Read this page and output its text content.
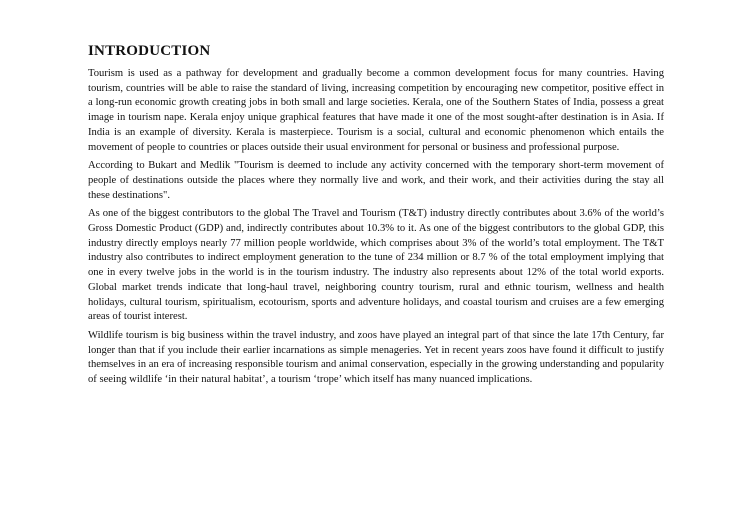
INTRODUCTION

Tourism is used as a pathway for development and gradually become a common development focus for many countries. Having tourism, countries will be able to raise the standard of living, increasing competition by encouraging new competitor, positive effect in a long-run economic growth creating jobs in both small and large societies. Kerala, one of the Southern States of India, possess a great image in tourism nape. Kerala enjoy unique graphical features that have made it one of the most sought-after destination is in Asia. If India is an example of diversity. Kerala is masterpiece. Tourism is a social, cultural and economic phenomenon which entails the movement of people to countries or places outside their usual environment for personal or business and professional purpose.

According to Bukart and Medlik "Tourism is deemed to include any activity concerned with the temporary short-term movement of people of destinations outside the places where they normally live and work, and their work, and their activities during the stay all these destinations".

As one of the biggest contributors to the global The Travel and Tourism (T&T) industry directly contributes about 3.6% of the world’s Gross Domestic Product (GDP) and, indirectly contributes about 10.3% to it. As one of the biggest contributors to the global GDP, this industry directly employs nearly 77 million people worldwide, which comprises about 3% of the world’s total employment. The T&T industry also contributes to indirect employment generation to the tune of 234 million or 8.7 % of the total employment implying that one in every twelve jobs in the world is in the tourism industry. The industry also represents about 12% of the total world exports. Global market trends indicate that long-haul travel, neighboring country tourism, rural and ethnic tourism, wellness and health holidays, cultural tourism, spiritualism, ecotourism, sports and adventure holidays, and coastal tourism and cruises are a few emerging areas of tourist interest.

Wildlife tourism is big business within the travel industry, and zoos have played an integral part of that since the late 17th Century, far longer than that if you include their earlier incarnations as simple menageries. Yet in recent years zoos have found it difficult to justify themselves in an era of increasing responsible tourism and animal conservation, especially in the growing understanding and popularity of seeing wildlife ‘in their natural habitat’, a tourism ‘trope’ which itself has many nuanced implications.
